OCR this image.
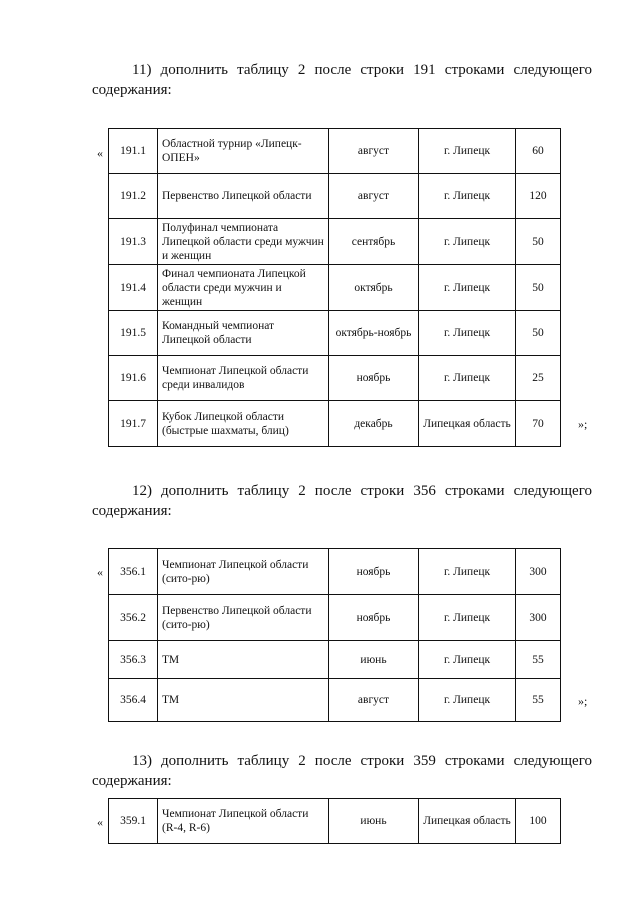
11) дополнить таблицу 2 после строки 191 строками следующего
содержания:
« 191.1	Областной турнир «Липецк-ОПЕН»	август	г. Липецк	60
191.2	Первенство Липецкой области	август	г. Липецк	120
191.3	Полуфинал чемпионата Липецкой области среди мужчин и женщин	сентябрь	г. Липецк	50
191.4	Финал чемпионата Липецкой области среди мужчин и женщин	октябрь	г. Липецк	50
191.5	Командный чемпионат Липецкой области	октябрь-ноябрь	г. Липецк	50
191.6	Чемпионат Липецкой области среди инвалидов	ноябрь	г. Липецк	25
191.7	Кубок Липецкой области (быстрые шахматы, блиц)	декабрь	Липецкая область	70	»;
12) дополнить таблицу 2 после строки 356 строками следующего
содержания:
« 356.1	Чемпионат Липецкой области (сито-рю)	ноябрь	г. Липецк	300
356.2	Первенство Липецкой области (сито-рю)	ноябрь	г. Липецк	300
356.3	ТМ	июнь	г. Липецк	55
356.4	ТМ	август	г. Липецк	55	»;
13) дополнить таблицу 2 после строки 359 строками следующего
содержания:
« 359.1	Чемпионат Липецкой области (R-4, R-6)	июнь	Липецкая область	100
